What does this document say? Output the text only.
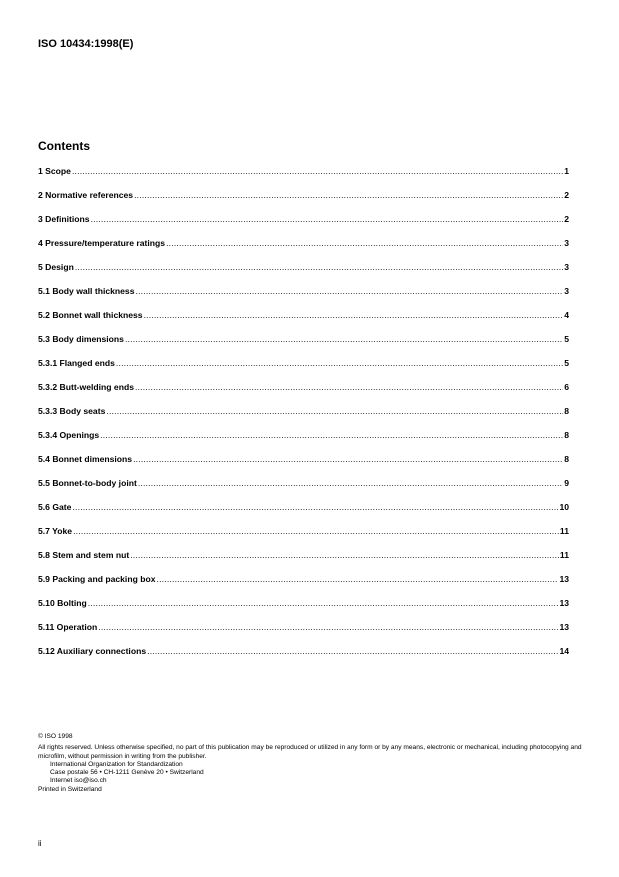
ISO 10434:1998(E)
Contents
1 Scope .....	1
2 Normative references .....	2
3 Definitions .....	2
4 Pressure/temperature ratings .....	3
5 Design .....	3
5.1 Body wall thickness .....	3
5.2 Bonnet wall thickness .....	4
5.3 Body dimensions .....	5
5.3.1 Flanged ends .....	5
5.3.2 Butt-welding ends .....	6
5.3.3 Body seats .....	8
5.3.4 Openings .....	8
5.4 Bonnet dimensions .....	8
5.5 Bonnet-to-body joint .....	9
5.6 Gate .....	10
5.7 Yoke .....	11
5.8 Stem and stem nut .....	11
5.9 Packing and packing box .....	13
5.10 Bolting .....	13
5.11 Operation .....	13
5.12 Auxiliary connections .....	14
© ISO 1998
All rights reserved. Unless otherwise specified, no part of this publication may be reproduced or utilized in any form or by any means, electronic or mechanical, including photocopying and microfilm, without permission in writing from the publisher.
International Organization for Standardization
Case postale 56 • CH-1211 Genève 20 • Switzerland
Internet iso@iso.ch
Printed in Switzerland
ii
